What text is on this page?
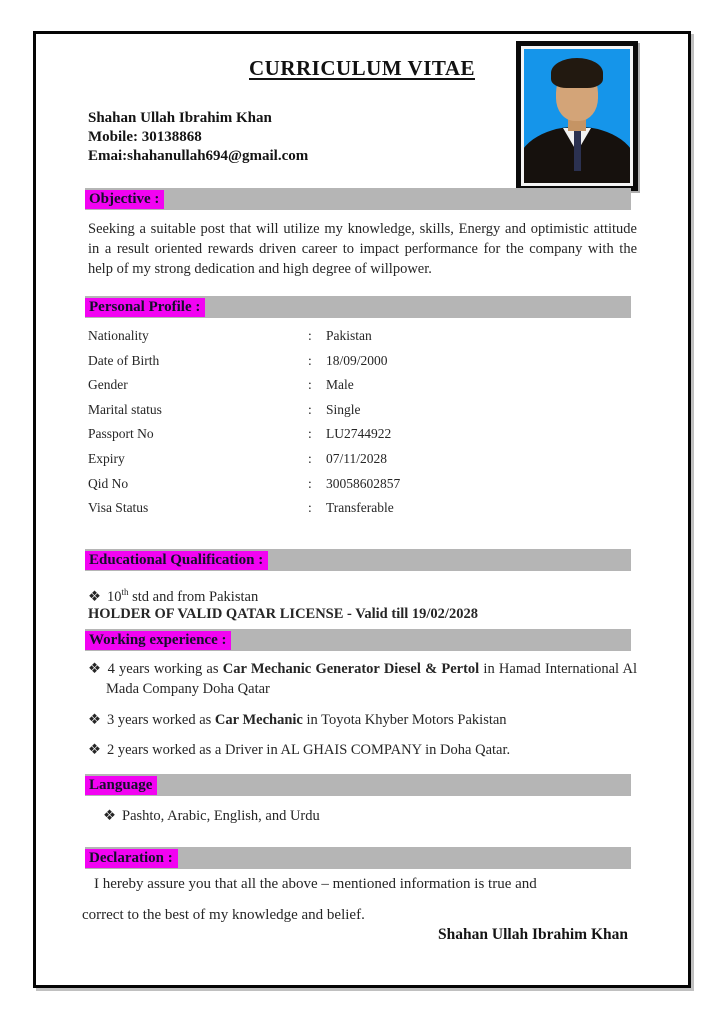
CURRICULUM VITAE
Shahan Ullah Ibrahim Khan
Mobile: 30138868
Emai:shahanullah694@gmail.com
Objective :
Seeking a suitable post that will utilize my knowledge, skills, Energy and optimistic attitude in a result oriented rewards driven career to impact performance for the company with the help of my strong dedication and high degree of willpower.
Personal Profile :
Nationality	:	Pakistan
Date of Birth	:	18/09/2000
Gender	:	Male
Marital status	:	Single
Passport No	:	LU2744922
Expiry	:	07/11/2028
Qid No	:	30058602857
Visa Status	:	Transferable
Educational Qualification :
❖ 10th std and from Pakistan
HOLDER OF VALID QATAR LICENSE - Valid till 19/02/2028
Working experience :
❖ 4 years working as Car Mechanic Generator Diesel & Pertol in Hamad International Al Mada Company Doha Qatar
❖ 3 years worked as Car Mechanic in Toyota Khyber Motors Pakistan
❖ 2 years worked as a Driver in AL GHAIS COMPANY in Doha Qatar.
Language
❖ Pashto, Arabic, English, and Urdu
Declaration :
I hereby assure you that all the above – mentioned information is true and
correct to the best of my knowledge and belief.
Shahan Ullah Ibrahim Khan
